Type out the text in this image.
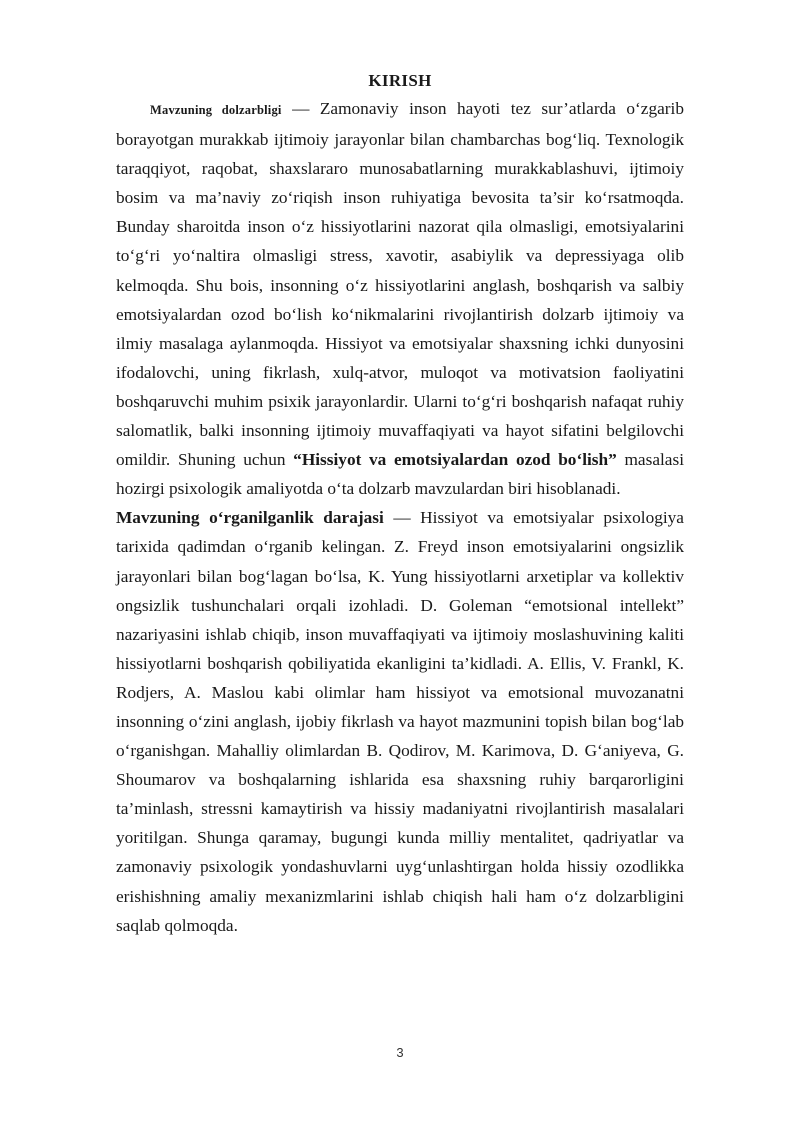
KIRISH

Mavzuning dolzarbligi — Zamonaviy inson hayoti tez sur’atlarda o‘zgarib borayotgan murakkab ijtimoiy jarayonlar bilan chambarchas bog‘liq. Texnologik taraqqiyot, raqobat, shaxslararo munosabatlarning murakkablashuvi, ijtimoiy bosim va ma’naviy zo‘riqish inson ruhiyatiga bevosita ta’sir ko‘rsatmoqda. Bunday sharoitda inson o‘z hissiyotlarini nazorat qila olmasligi, emotsiyalarini to‘g‘ri yo‘naltira olmasligi stress, xavotir, asabiylik va depressiyaga olib kelmoqda. Shu bois, insonning o‘z hissiyotlarini anglash, boshqarish va salbiy emotsiyalardan ozod bo‘lish ko‘nikmalarini rivojlantirish dolzarb ijtimoiy va ilmiy masalaga aylanmoqda. Hissiyot va emotsiyalar shaxsning ichki dunyosini ifodalovchi, uning fikrlash, xulq-atvor, muloqot va motivatsion faoliyatini boshqaruvchi muhim psixik jarayonlardir. Ularni to‘g‘ri boshqarish nafaqat ruhiy salomatlik, balki insonning ijtimoiy muvaffaqiyati va hayot sifatini belgilovchi omildir. Shuning uchun “Hissiyot va emotsiyalardan ozod bo‘lish” masalasi hozirgi psixologik amaliyotda o‘ta dolzarb mavzulardan biri hisoblanadi.

Mavzuning o‘rganilganlik darajasi — Hissiyot va emotsiyalar psixologiya tarixida qadimdan o‘rganib kelingan. Z. Freyd inson emotsiyalarini ongsizlik jarayonlari bilan bog‘lagan bo‘lsa, K. Yung hissiyotlarni arxetiplar va kollektiv ongsizlik tushunchalari orqali izohladi. D. Goleman “emotsional intellekt” nazariyasini ishlab chiqib, inson muvaffaqiyati va ijtimoiy moslashuvining kaliti hissiyotlarni boshqarish qobiliyatida ekanligini ta’kidladi. A. Ellis, V. Frankl, K. Rodjers, A. Maslou kabi olimlar ham hissiyot va emotsional muvozanatni insonning o‘zini anglash, ijobiy fikrlash va hayot mazmunini topish bilan bog‘lab o‘rganishgan. Mahalliy olimlardan B. Qodirov, M. Karimova, D. G‘aniyeva, G. Shoumarov va boshqalarning ishlarida esa shaxsning ruhiy barqarorligini ta’minlash, stressni kamaytirish va hissiy madaniyatni rivojlantirish masalalari yoritilgan. Shunga qaramay, bugungi kunda milliy mentalitet, qadriyatlar va zamonaviy psixologik yondashuvlarni uyg‘unlashtirgan holda hissiy ozodlikka erishishning amaliy mexanizmlarini ishlab chiqish hali ham o‘z dolzarbligini saqlab qolmoqda.

3
